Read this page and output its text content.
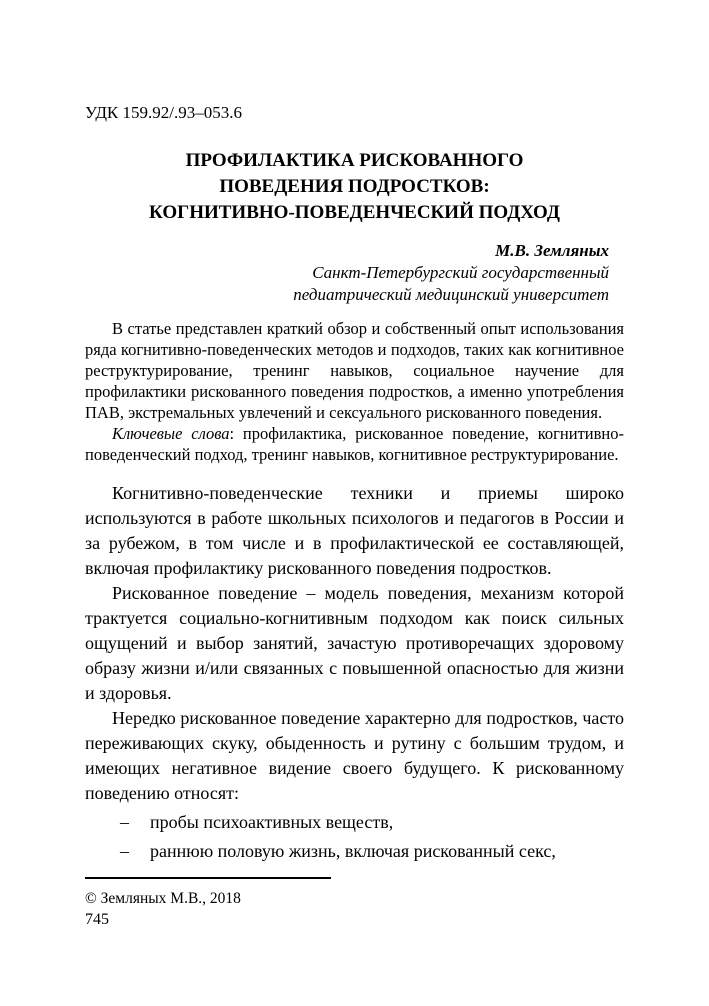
УДК 159.92/.93–053.6

ПРОФИЛАКТИКА РИСКОВАННОГО
ПОВЕДЕНИЯ ПОДРОСТКОВ:
КОГНИТИВНО-ПОВЕДЕНЧЕСКИЙ ПОДХОД

М.В. Земляных

Санкт-Петербургский государственный

педиатрический медицинский университет

В статье представлен краткий обзор и собственный опыт использования ряда когнитивно-поведенческих методов и подходов, таких как когнитивное реструктурирование, тренинг навыков, социальное научение для профилактики рискованного поведения подростков, а именно употребления ПАВ, экстремальных увлечений и сексуального рискованного поведения.

Ключевые слова: профилактика, рискованное поведение, когнитивно-поведенческий подход, тренинг навыков, когнитивное реструктурирование.

Когнитивно-поведенческие техники и приемы широко используются в работе школьных психологов и педагогов в России и за рубежом, в том числе и в профилактической ее составляющей, включая профилактику рискованного поведения подростков.

Рискованное поведение – модель поведения, механизм которой трактуется социально-когнитивным подходом как поиск сильных ощущений и выбор занятий, зачастую противоречащих здоровому образу жизни и/или связанных с повышенной опасностью для жизни и здоровья.

Нередко рискованное поведение характерно для подростков, часто переживающих скуку, обыденность и рутину с большим трудом, и имеющих негативное видение своего будущего. К рискованному поведению относят:

– пробы психоактивных веществ,
– раннюю половую жизнь, включая рискованный секс,

© Земляных М.В., 2018

745
